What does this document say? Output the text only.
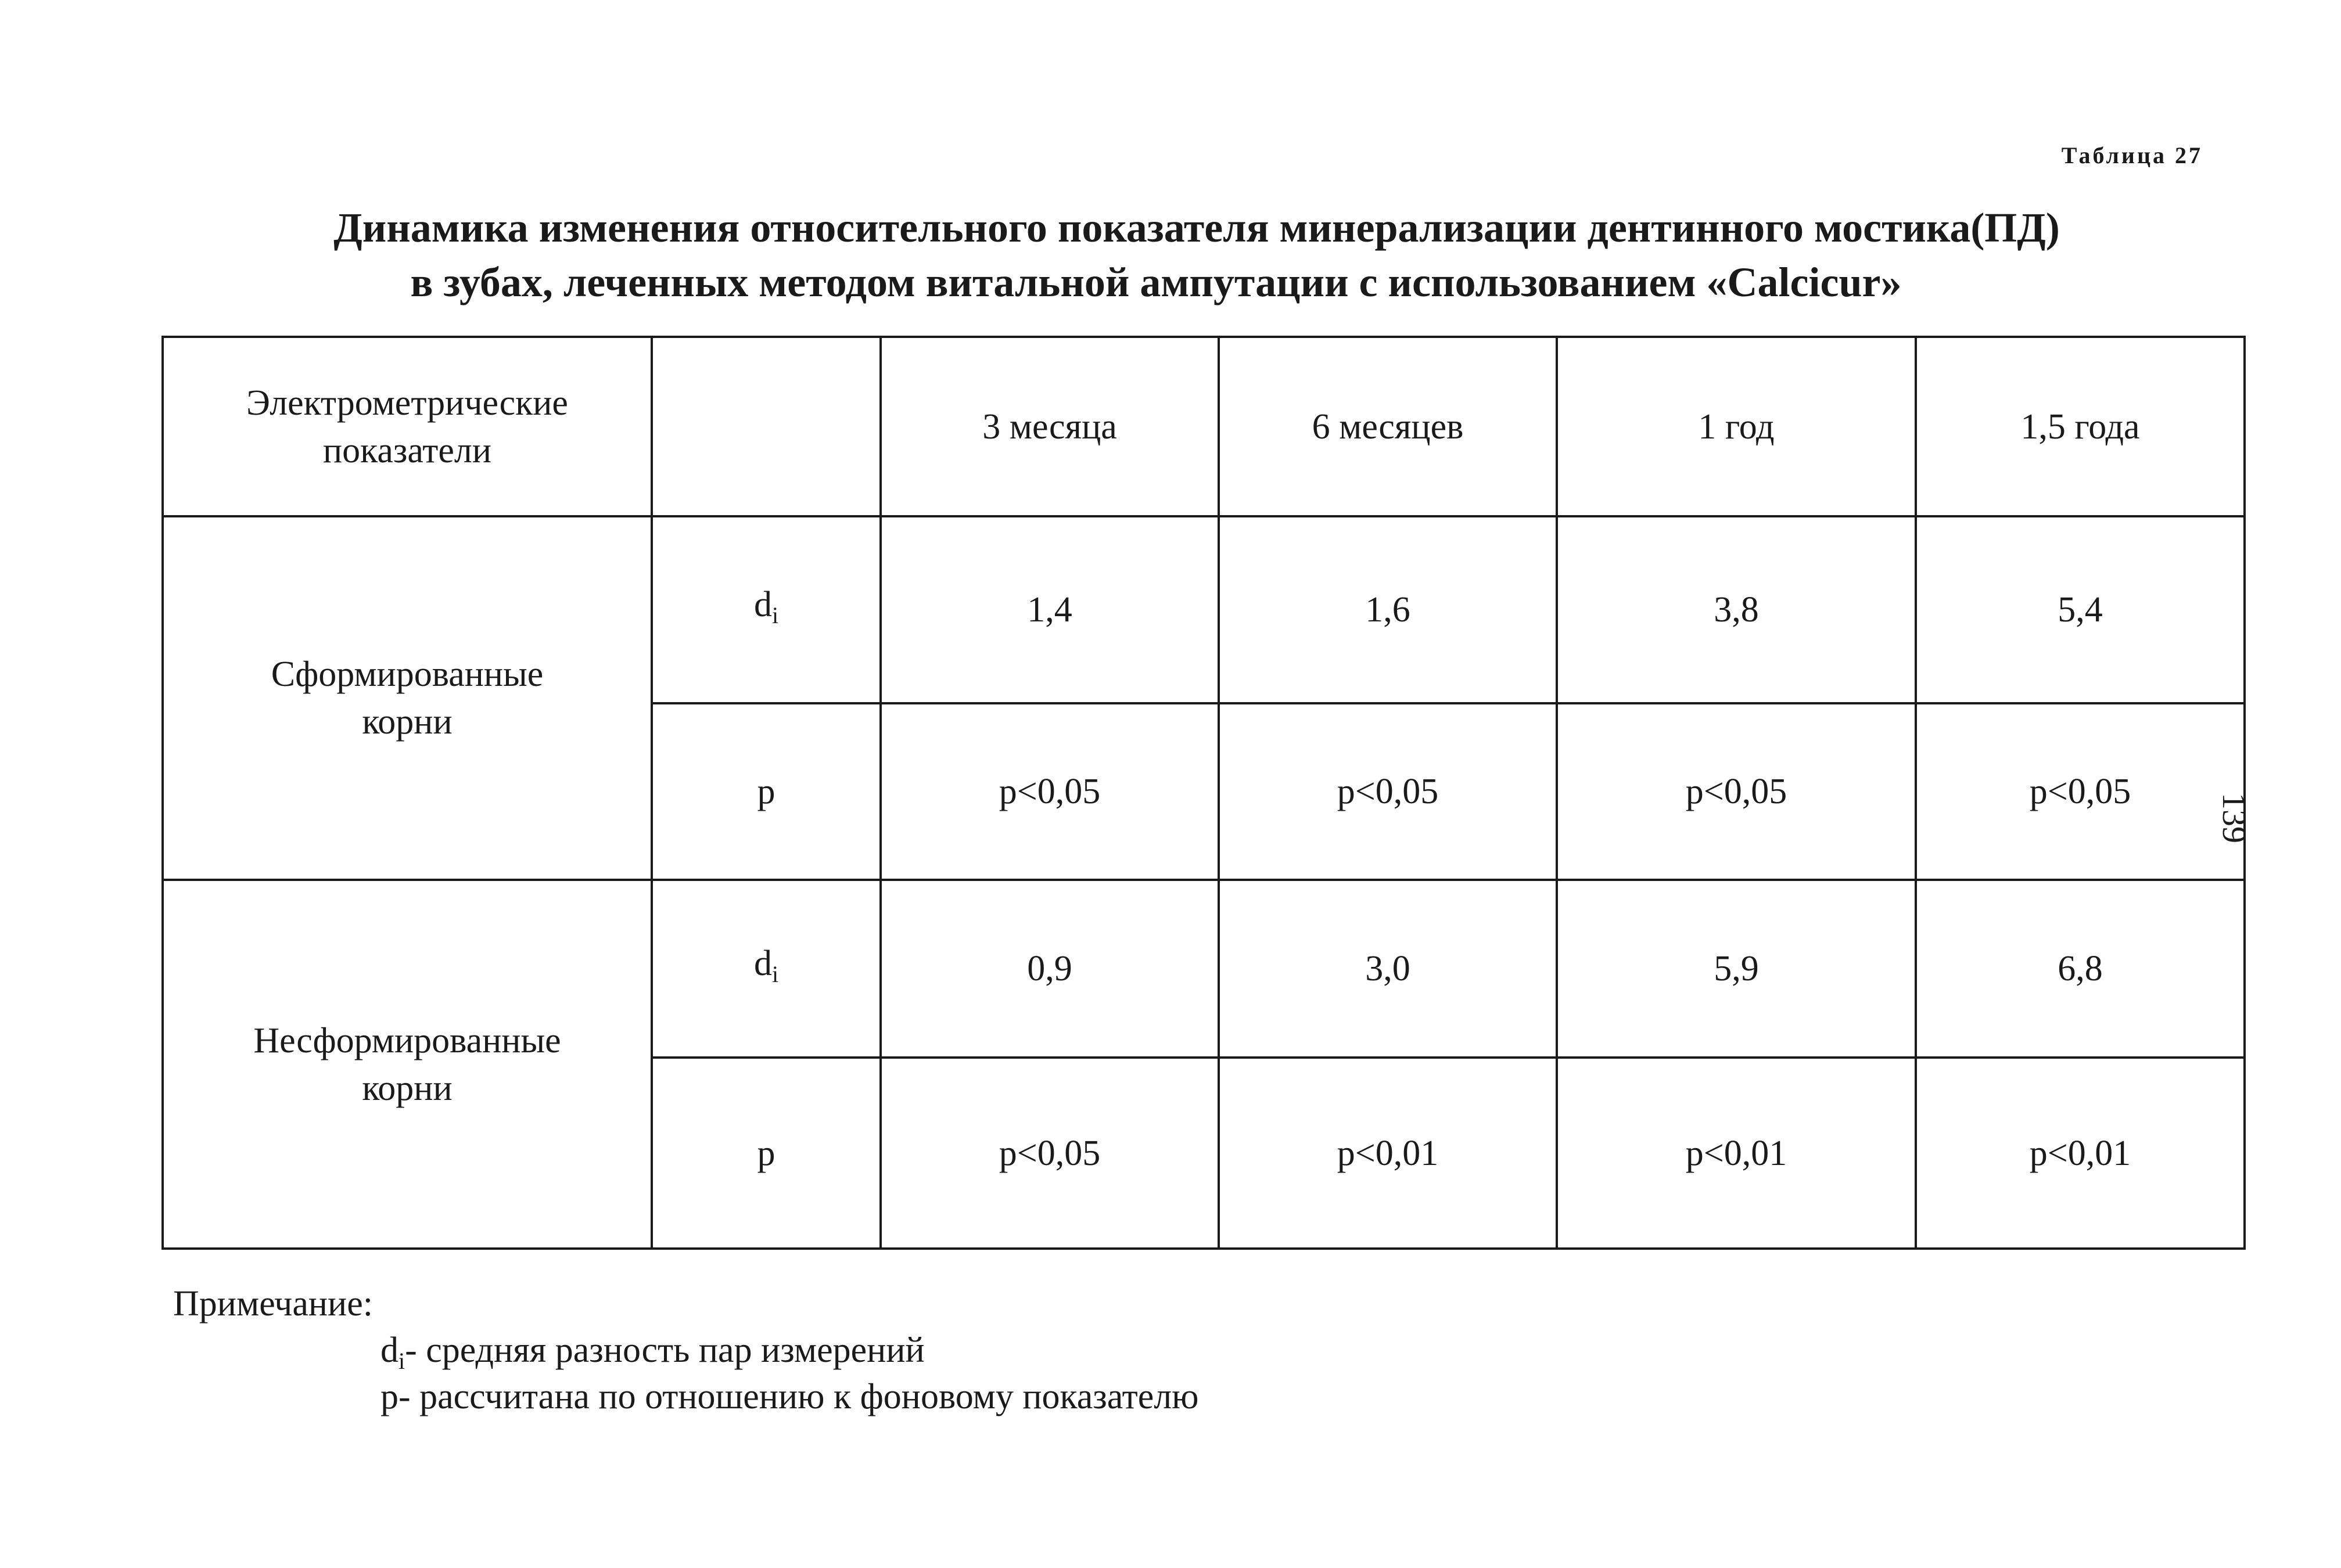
Таблица 27
Динамика изменения относительного показателя минерализации дентинного мостика(ПД)
в зубах, леченных методом витальной ампутации с использованием «Calcicur»
139
Электрометрические
показатели		3 месяца	6 месяцев	1 год	1,5 года

Сформированные
корни	$d_i$	1,4	1,6	3,8	5,4
	p	p<0,05	p<0,05	p<0,05	p<0,05

Несформированные
корни	$d_i$	0,9	3,0	5,9	6,8
	p	p<0,05	p<0,01	p<0,01	p<0,01
Примечание:
$d_i-$ средняя разность пар измерений
p- рассчитана по отношению к фоновому показателю
